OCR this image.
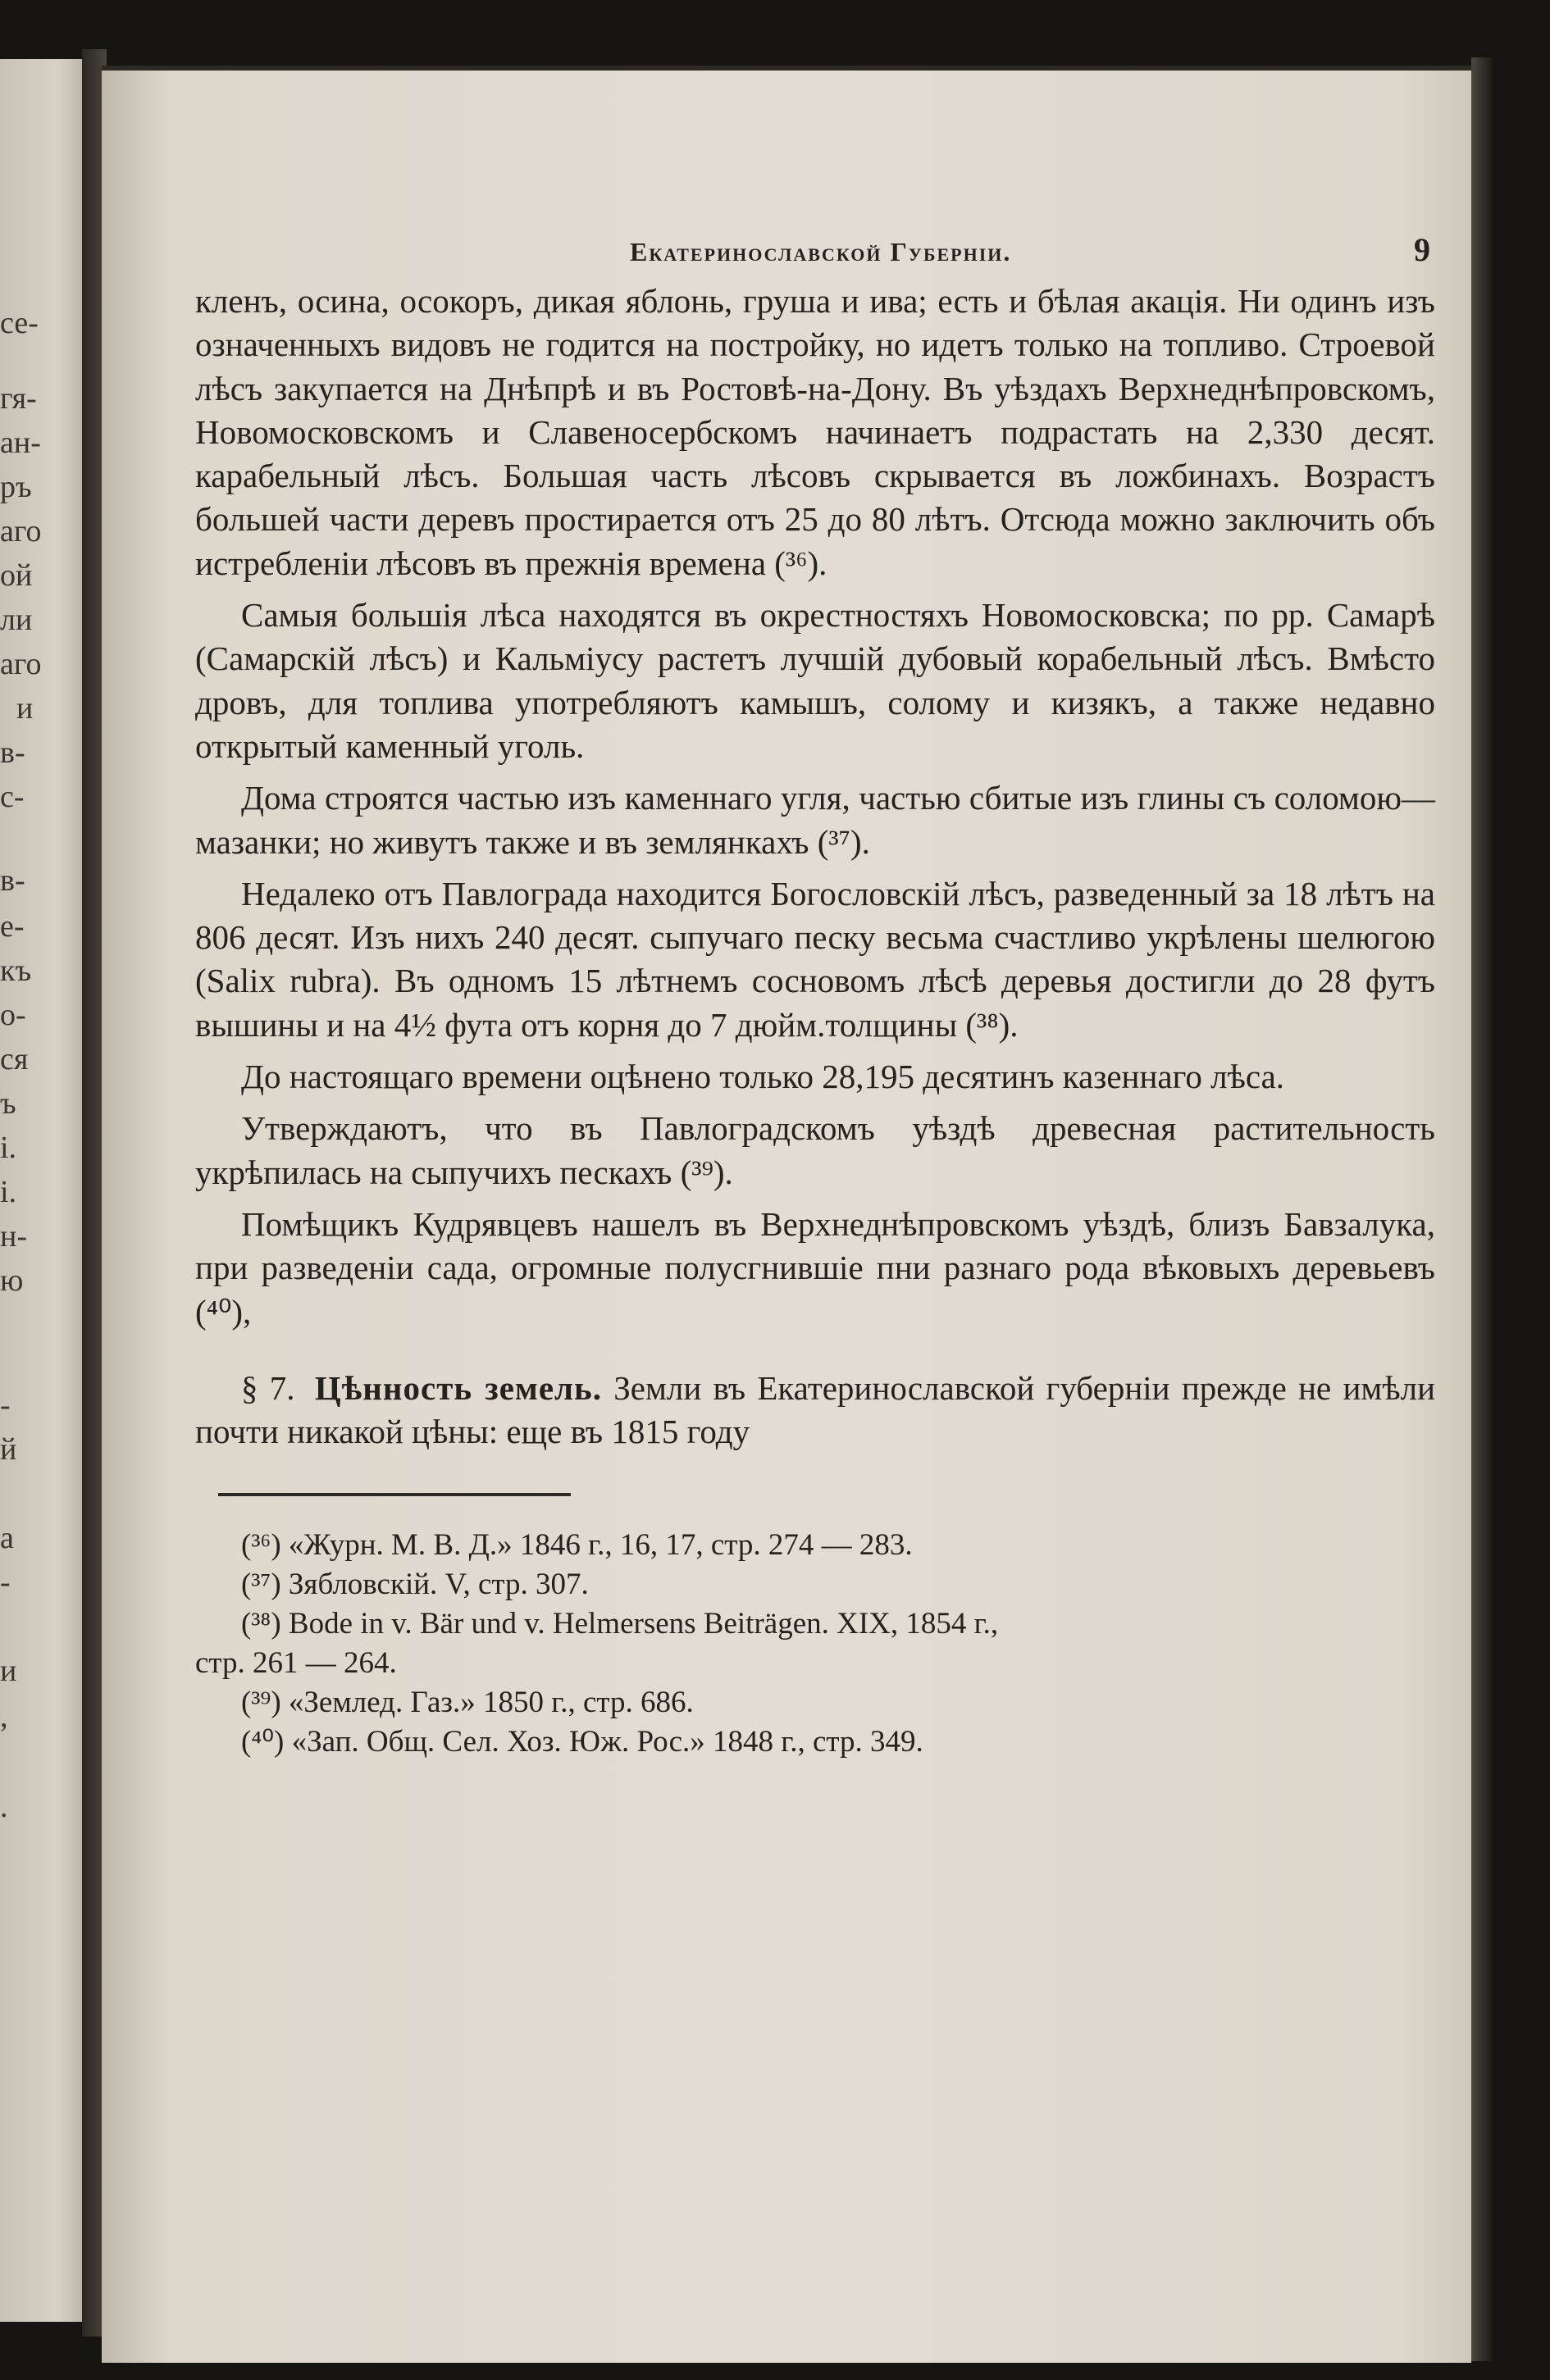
се-
гя-
ан-
ръ
аго
ой
ли
аго
и
в-
с-
в-
е-
къ
о-
ся
ъ
і.
і.
н-
ю
-
й
а
-
и
,
.
Екатеринославской Губерніи.	9

кленъ, осина, осокоръ, дикая яблонь, груша и ива; есть и бѣлая акація. Ни одинъ изъ означенныхъ видовъ не годится на постройку, но идетъ только на топливо. Строевой лѣсъ закупается на Днѣпрѣ и въ Ростовѣ-на-Дону. Въ уѣздахъ Верхнеднѣпровскомъ, Новомосковскомъ и Славеносербскомъ начинаетъ подрастать на 2,330 десят. карабельный лѣсъ. Большая часть лѣсовъ скрывается въ ложбинахъ. Возрастъ большей части деревъ простирается отъ 25 до 80 лѣтъ. Отсюда можно заключить объ истребленіи лѣсовъ въ прежнія времена (³⁶).

Самыя большія лѣса находятся въ окрестностяхъ Новомосковска; по рр. Самарѣ (Самарскій лѣсъ) и Кальміусу растетъ лучшій дубовый корабельный лѣсъ. Вмѣсто дровъ, для топлива употребляютъ камышъ, солому и кизякъ, а также недавно открытый каменный уголь.

Дома строятся частью изъ каменнаго угля, частью сбитые изъ глины съ соломою—мазанки; но живутъ также и въ землянкахъ (³⁷).

Недалеко отъ Павлограда находится Богословскій лѣсъ, разведенный за 18 лѣтъ на 806 десят. Изъ нихъ 240 десят. сыпучаго песку весьма счастливо укрѣлены шелюгою (Salix rubra). Въ одномъ 15 лѣтнемъ сосновомъ лѣсѣ деревья достигли до 28 футъ вышины и на 4½ фута отъ корня до 7 дюйм.толщины (³⁸).

До настоящаго времени оцѣнено только 28,195 десятинъ казеннаго лѣса.

Утверждаютъ, что въ Павлоградскомъ уѣздѣ древесная растительность укрѣпилась на сыпучихъ пескахъ (³⁹).

Помѣщикъ Кудрявцевъ нашелъ въ Верхнеднѣпровскомъ уѣздѣ, близъ Бавзалука, при разведеніи сада, огромные полусгнившіе пни разнаго рода вѣковыхъ деревьевъ (⁴⁰),

§ 7. Цѣнность земель. Земли въ Екатеринославской губерніи прежде не имѣли почти никакой цѣны: еще въ 1815 году

(³⁶) «Журн. М. В. Д.» 1846 г., 16, 17, стр. 274 — 283.

(³⁷) Зябловскій. V, стр. 307.

(³⁸) Bode in v. Bär und v. Helmersens Beiträgen. XIX, 1854 г.,

стр. 261 — 264.

(³⁹) «Землед. Газ.» 1850 г., стр. 686.

(⁴⁰) «Зап. Общ. Сел. Хоз. Юж. Рос.» 1848 г., стр. 349.
